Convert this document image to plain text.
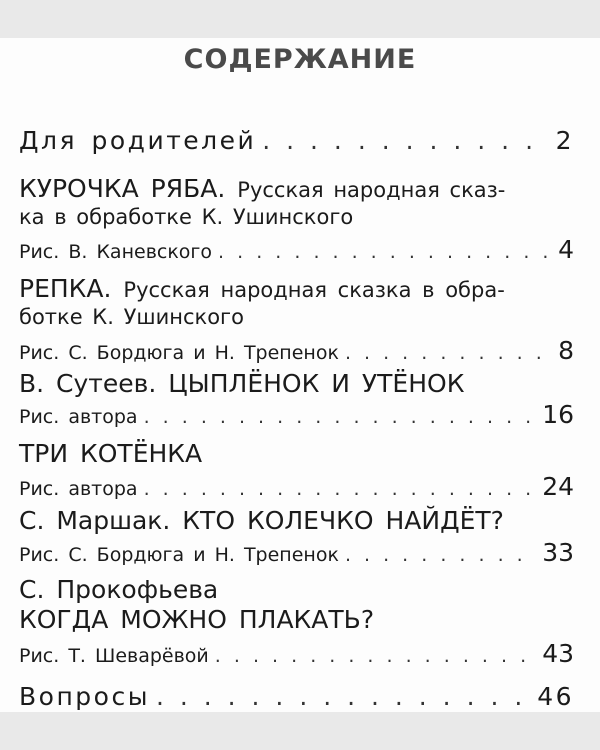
СОДЕРЖАНИЕ
Для родителей . . .	2
КУРОЧКА РЯБА. Русская народная сказ-
ка в обработке К. Ушинского
Рис. В. Каневского . . .	4
РЕПКА. Русская народная сказка в обра-
ботке К. Ушинского
Рис. С. Бордюга и Н. Трепенок . . .	8
В. Сутеев. ЦЫПЛЁНОК И УТЁНОК
Рис. автора . . .	16
ТРИ КОТЁНКА
Рис. автора . . .	24
С. Маршак. КТО КОЛЕЧКО НАЙДЁТ?
Рис. С. Бордюга и Н. Трепенок . . .	33
С. Прокофьева
КОГДА МОЖНО ПЛАКАТЬ?
Рис. Т. Шеварёвой . . .	43
Вопросы . . .	46
